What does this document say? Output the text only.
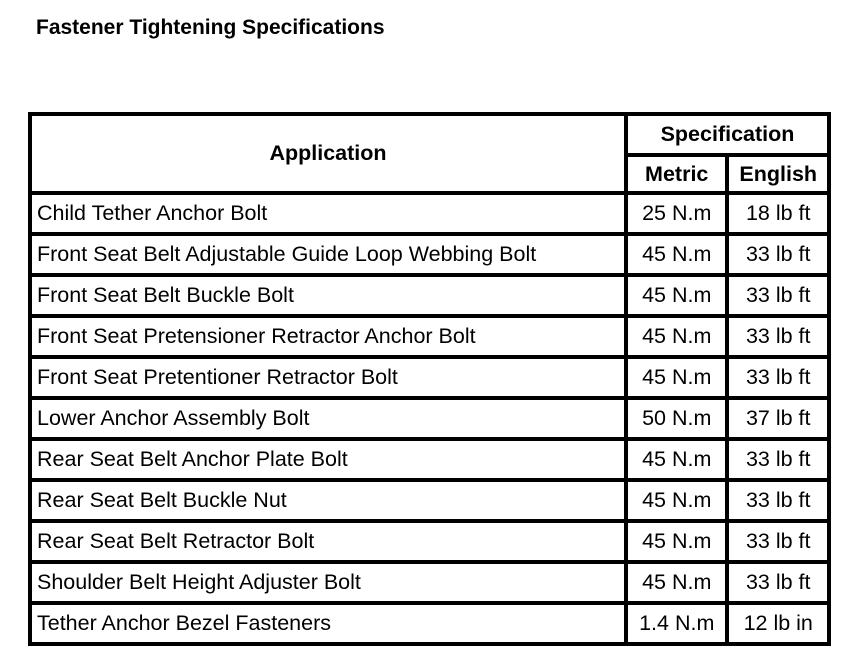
Fastener Tightening Specifications
Application	Specification	
	Metric	English
Child Tether Anchor Bolt	25 N.m	18 lb ft
Front Seat Belt Adjustable Guide Loop Webbing Bolt	45 N.m	33 lb ft
Front Seat Belt Buckle Bolt	45 N.m	33 lb ft
Front Seat Pretensioner Retractor Anchor Bolt	45 N.m	33 lb ft
Front Seat Pretentioner Retractor Bolt	45 N.m	33 lb ft
Lower Anchor Assembly Bolt	50 N.m	37 lb ft
Rear Seat Belt Anchor Plate Bolt	45 N.m	33 lb ft
Rear Seat Belt Buckle Nut	45 N.m	33 lb ft
Rear Seat Belt Retractor Bolt	45 N.m	33 lb ft
Shoulder Belt Height Adjuster Bolt	45 N.m	33 lb ft
Tether Anchor Bezel Fasteners	1.4 N.m	12 lb in
